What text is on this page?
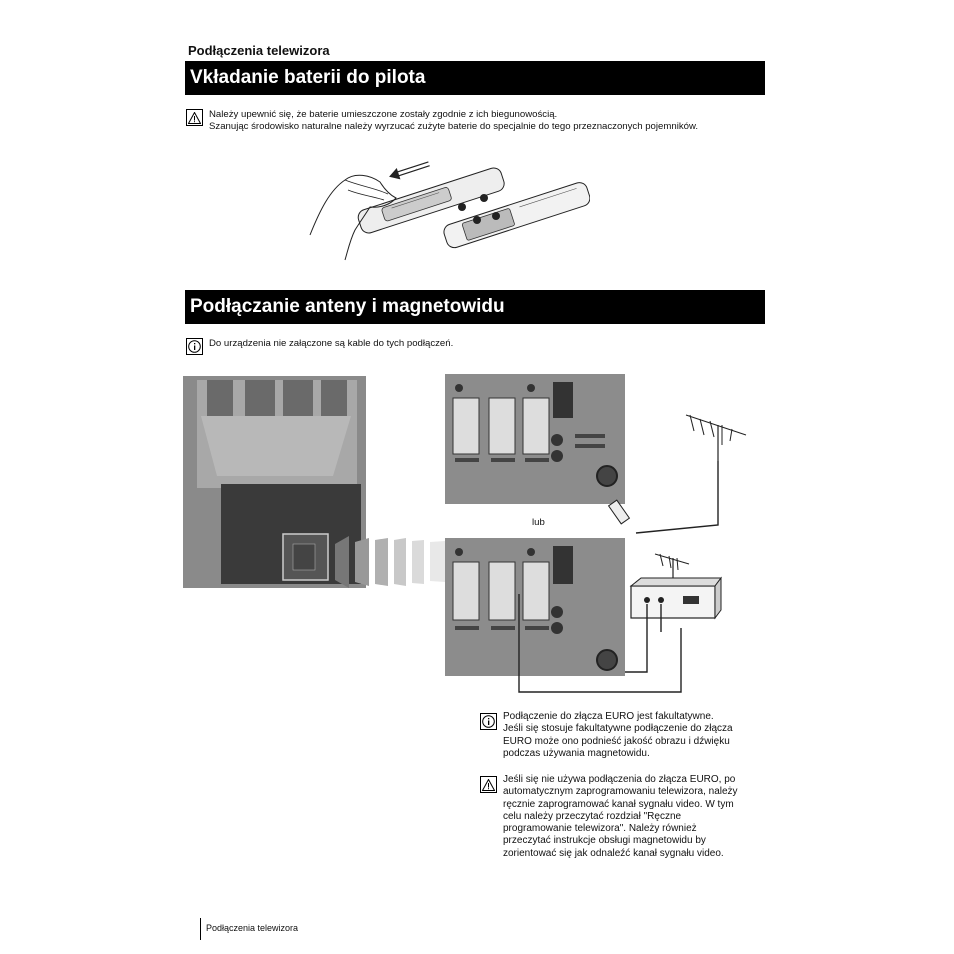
Podłączenia telewizora
Vkładanie baterii do pilota
Należy upewnić się, że baterie umieszczone zostały zgodnie z ich biegunowością.
Szanując środowisko naturalne należy wyrzucać zużyte baterie do specjalnie do tego przeznaczonych pojemników.
Podłączanie anteny i magnetowidu
Do urządzenia nie załączone są kable do tych podłączeń.
lub
Podłączenie do złącza EURO jest fakultatywne.
Jeśli się stosuje fakultatywne podłączenie do złącza
EURO może ono podnieść jakość obrazu i dźwięku
podczas używania magnetowidu.
Jeśli się nie używa podłączenia do złącza EURO, po
automatycznym zaprogramowaniu telewizora, należy
ręcznie zaprogramować kanał sygnału video. W tym
celu należy przeczytać rozdział "Ręczne
programowanie telewizora". Należy również
przeczytać instrukcje obsługi magnetowidu by
zorientować się jak odnaleźć kanał sygnału video.
Podłączenia telewizora
